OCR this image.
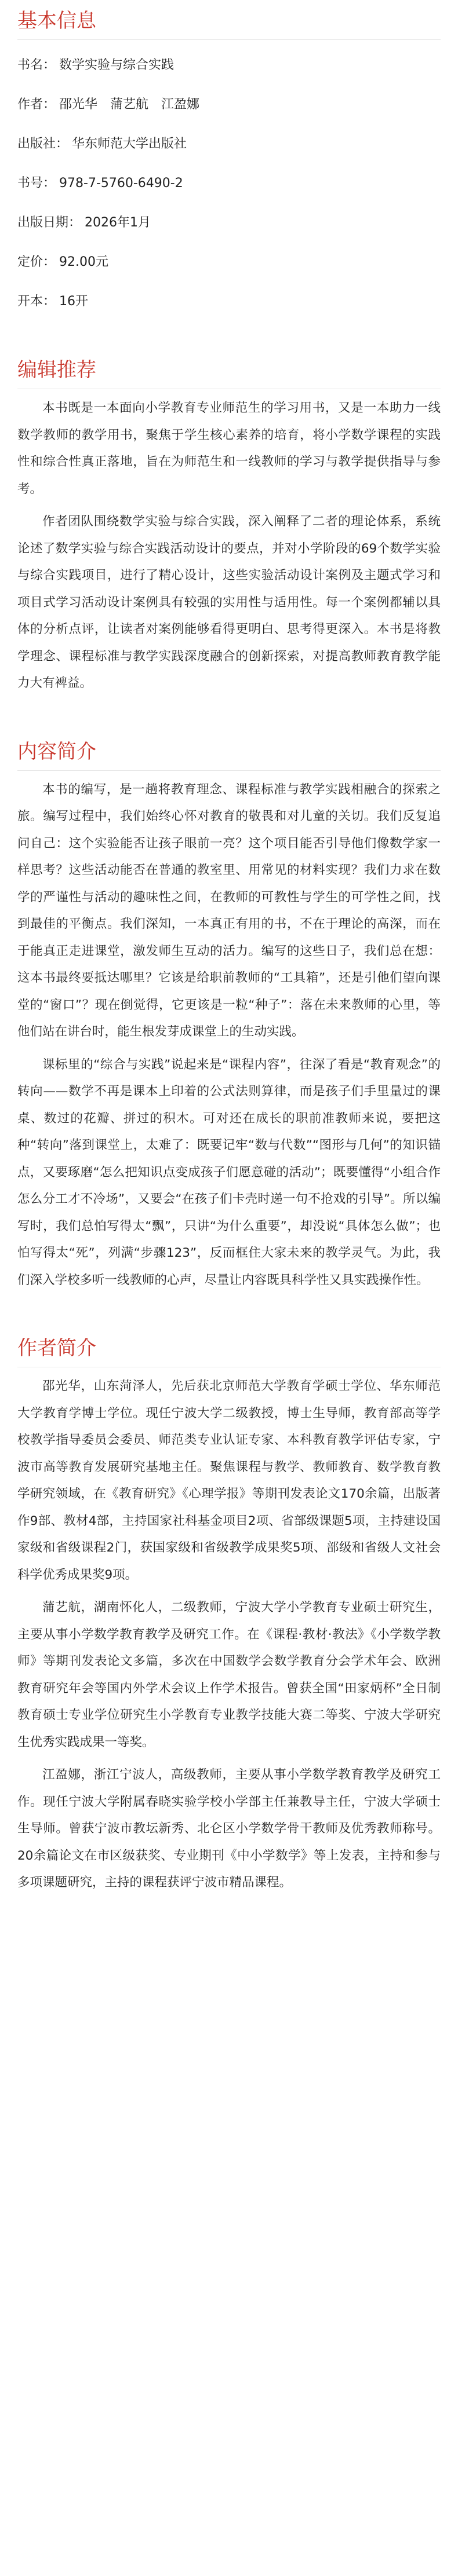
基本信息
书名： 数学实验与综合实践
作者： 邵光华　蒲艺航　江盈娜
出版社： 华东师范大学出版社
书号： 978-7-5760-6490-2
出版日期： 2026年1月
定价： 92.00元
开本： 16开
编辑推荐

本书既是一本面向小学教育专业师范生的学习用书，又是一本助力一线数学教师的教学用书，聚焦于学生核心素养的培育，将小学数学课程的实践性和综合性真正落地，旨在为师范生和一线教师的学习与教学提供指导与参考。

作者团队围绕数学实验与综合实践，深入阐释了二者的理论体系，系统论述了数学实验与综合实践活动设计的要点，并对小学阶段的69个数学实验与综合实践项目，进行了精心设计，这些实验活动设计案例及主题式学习和项目式学习活动设计案例具有较强的实用性与适用性。每一个案例都辅以具体的分析点评，让读者对案例能够看得更明白、思考得更深入。本书是将教学理念、课程标准与教学实践深度融合的创新探索，对提高教师教育教学能力大有裨益。

内容简介

本书的编写，是一趟将教育理念、课程标准与教学实践相融合的探索之旅。编写过程中，我们始终心怀对教育的敬畏和对儿童的关切。我们反复追问自己：这个实验能否让孩子眼前一亮？这个项目能否引导他们像数学家一样思考？这些活动能否在普通的教室里、用常见的材料实现？我们力求在数学的严谨性与活动的趣味性之间，在教师的可教性与学生的可学性之间，找到最佳的平衡点。我们深知，一本真正有用的书，不在于理论的高深，而在于能真正走进课堂，激发师生互动的活力。编写的这些日子，我们总在想：这本书最终要抵达哪里？它该是给职前教师的“工具箱”，还是引他们望向课堂的“窗口”？现在倒觉得，它更该是一粒“种子”：落在未来教师的心里，等他们站在讲台时，能生根发芽成课堂上的生动实践。

课标里的“综合与实践”说起来是“课程内容”，往深了看是“教育观念”的转向——数学不再是课本上印着的公式法则算律，而是孩子们手里量过的课桌、数过的花瓣、拼过的积木。可对还在成长的职前准教师来说，要把这种“转向”落到课堂上，太难了：既要记牢“数与代数”“图形与几何”的知识锚点，又要琢磨“怎么把知识点变成孩子们愿意碰的活动”；既要懂得“小组合作怎么分工才不冷场”，又要会“在孩子们卡壳时递一句不抢戏的引导”。所以编写时，我们总怕写得太“飘”，只讲“为什么重要”，却没说“具体怎么做”；也怕写得太“死”，列满“步骤123”，反而框住大家未来的教学灵气。为此，我们深入学校多听一线教师的心声，尽量让内容既具科学性又具实践操作性。

作者简介

邵光华，山东菏泽人，先后获北京师范大学教育学硕士学位、华东师范大学教育学博士学位。现任宁波大学二级教授，博士生导师，教育部高等学校教学指导委员会委员、师范类专业认证专家、本科教育教学评估专家，宁波市高等教育发展研究基地主任。聚焦课程与教学、教师教育、数学教育教学研究领域，在《教育研究》《心理学报》等期刊发表论文170余篇，出版著作9部、教材4部，主持国家社科基金项目2项、省部级课题5项，主持建设国家级和省级课程2门，获国家级和省级教学成果奖5项、部级和省级人文社会科学优秀成果奖9项。

蒲艺航，湖南怀化人，二级教师，宁波大学小学教育专业硕士研究生，主要从事小学数学教育教学及研究工作。在《课程·教材·教法》《小学数学教师》等期刊发表论文多篇，多次在中国数学会数学教育分会学术年会、欧洲教育研究年会等国内外学术会议上作学术报告。曾获全国“田家炳杯”全日制教育硕士专业学位研究生小学教育专业教学技能大赛二等奖、宁波大学研究生优秀实践成果一等奖。

江盈娜，浙江宁波人，高级教师，主要从事小学数学教育教学及研究工作。现任宁波大学附属春晓实验学校小学部主任兼教导主任，宁波大学硕士生导师。曾获宁波市教坛新秀、北仑区小学数学骨干教师及优秀教师称号。20余篇论文在市区级获奖、专业期刊《中小学数学》等上发表，主持和参与多项课题研究，主持的课程获评宁波市精品课程。
